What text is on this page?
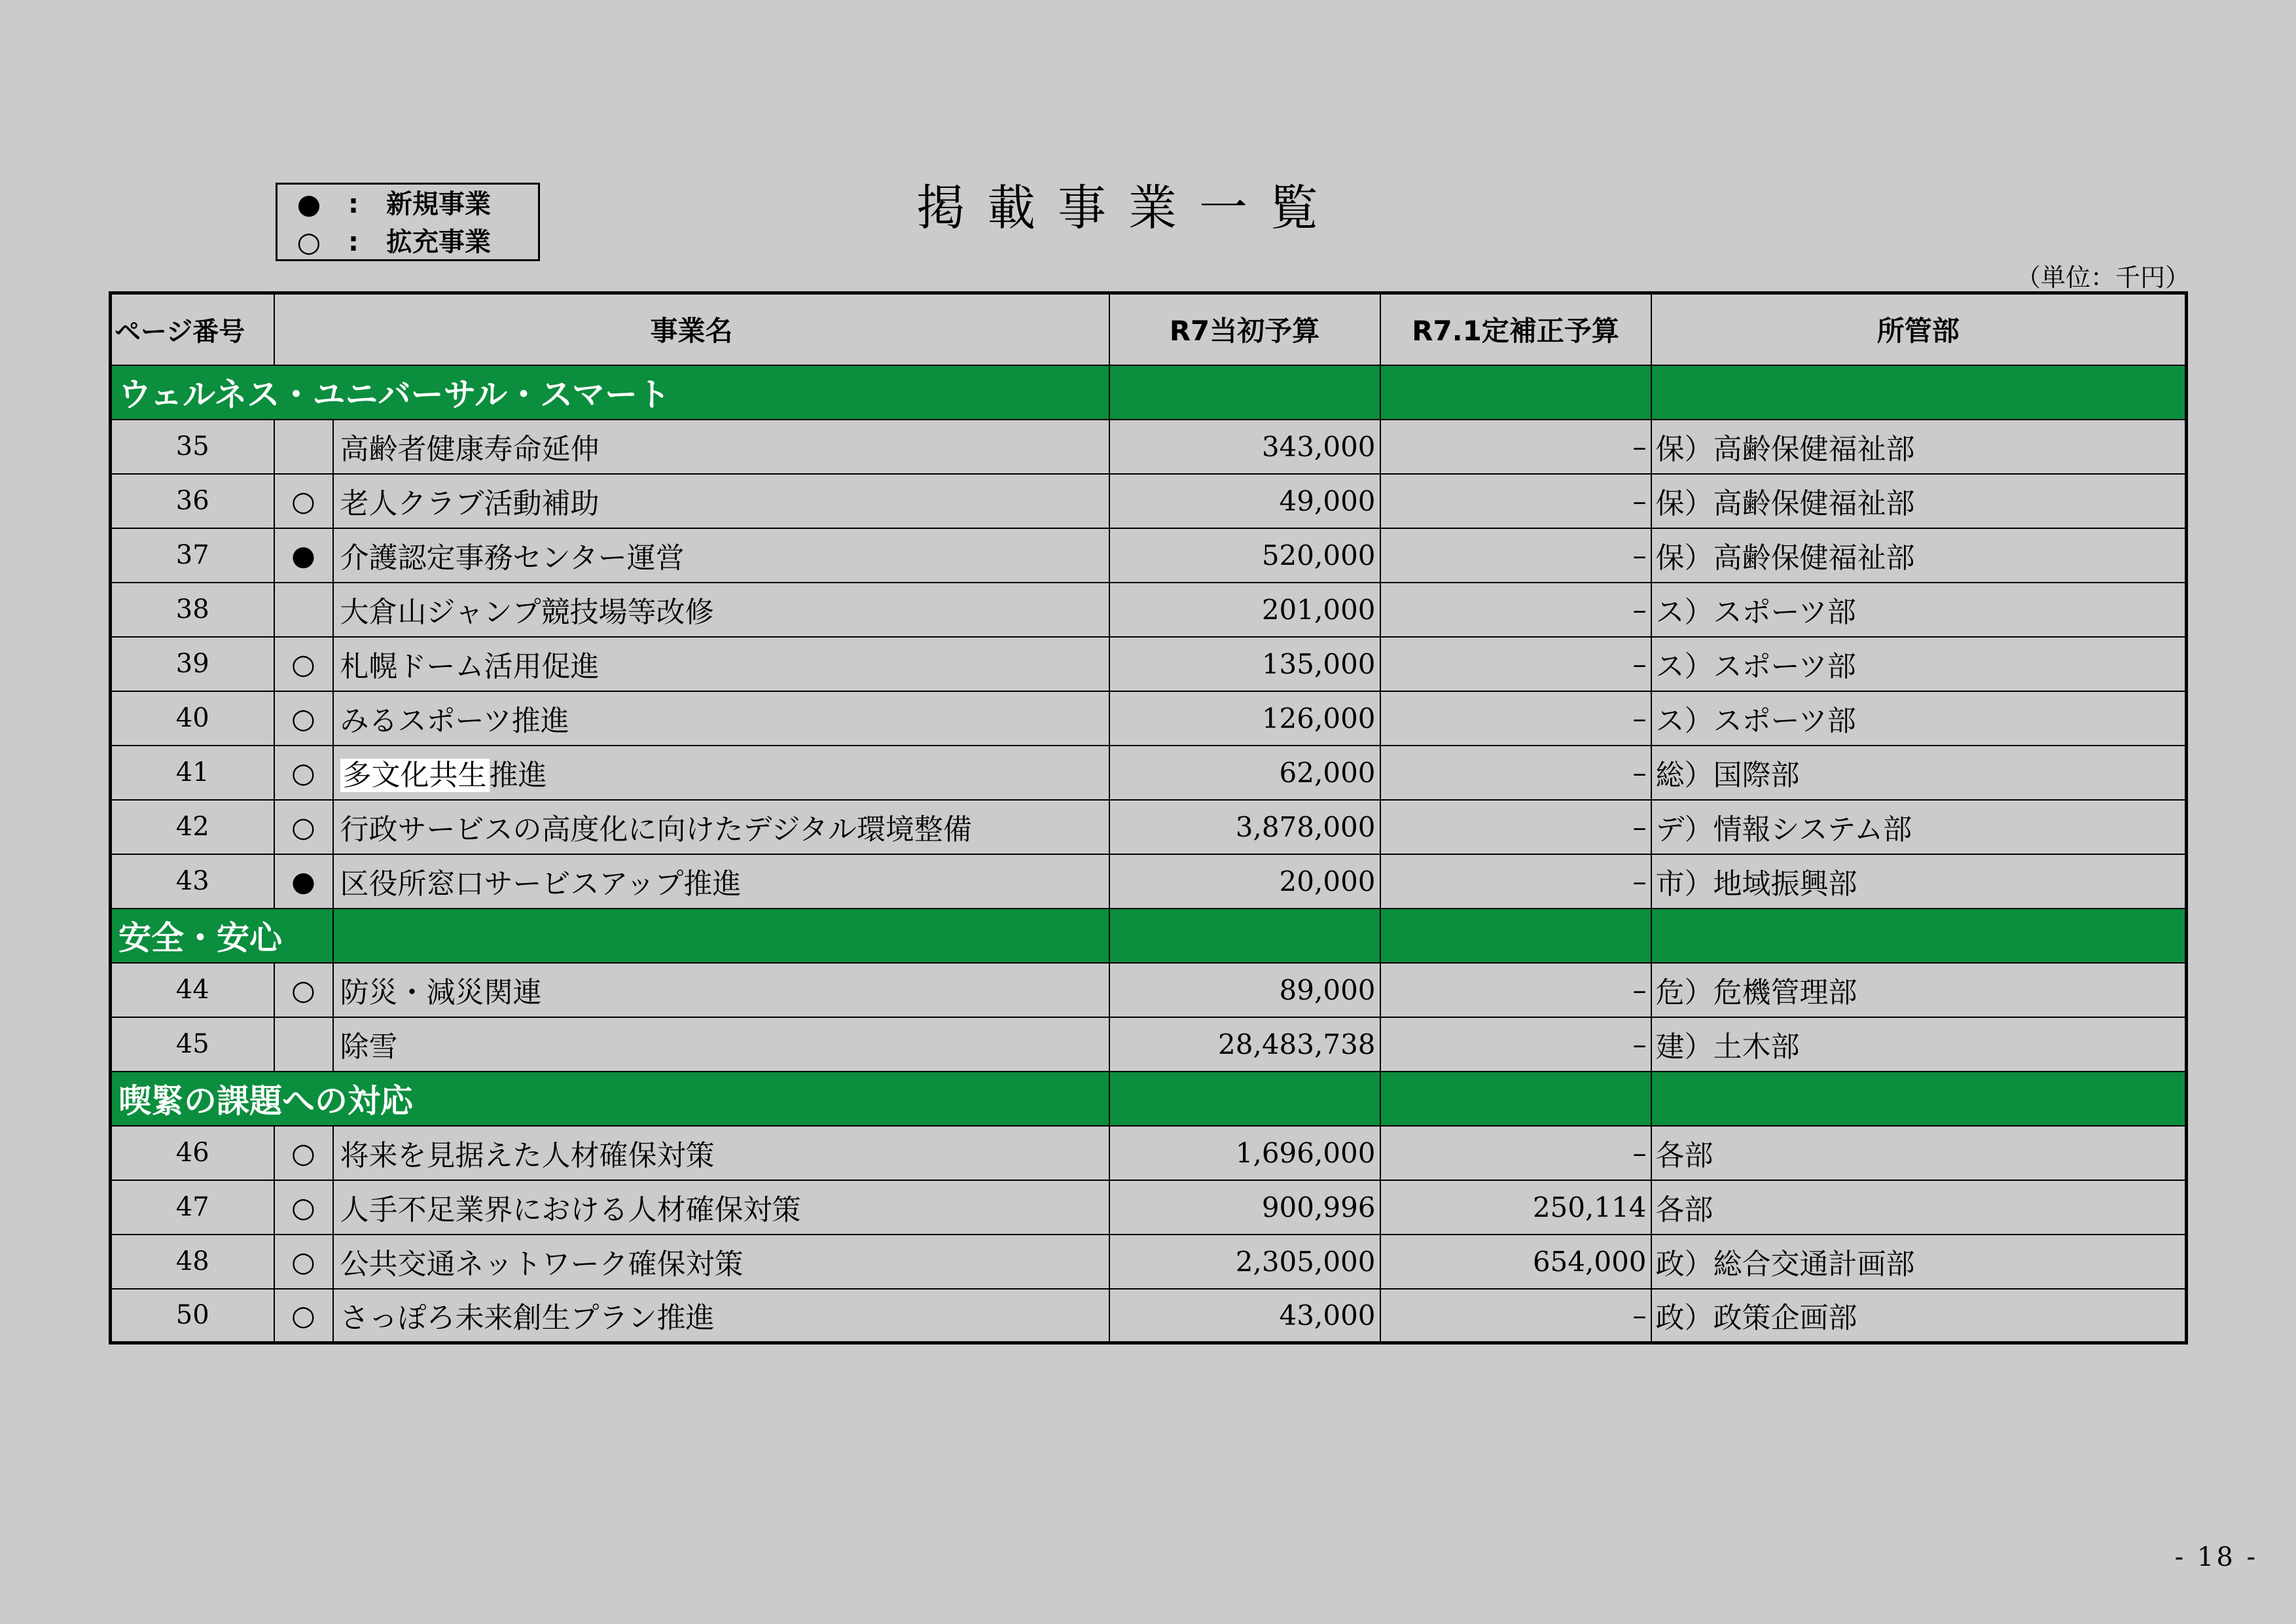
● : 新規事業
○ : 拡充事業
掲載事業一覧
（単位：千円）
ページ番号	事業名		R7当初予算	R7.1定補正予算	所管部
ウェルネス・ユニバーサル・スマート					
35		高齢者健康寿命延伸	343,000	–	保）高齢保健福祉部
36	○	老人クラブ活動補助	49,000	–	保）高齢保健福祉部
37	●	介護認定事務センター運営	520,000	–	保）高齢保健福祉部
38		大倉山ジャンプ競技場等改修	201,000	–	ス）スポーツ部
39	○	札幌ドーム活用促進	135,000	–	ス）スポーツ部
40	○	みるスポーツ推進	126,000	–	ス）スポーツ部
41	○	多文化共生推進	62,000	–	総）国際部
42	○	行政サービスの高度化に向けたデジタル環境整備	3,878,000	–	デ）情報システム部
43	●	区役所窓口サービスアップ推進	20,000	–	市）地域振興部
安全・安心					
44	○	防災・減災関連	89,000	–	危）危機管理部
45		除雪	28,483,738	–	建）土木部
喫緊の課題への対応					
46	○	将来を見据えた人材確保対策	1,696,000	–	各部
47	○	人手不足業界における人材確保対策	900,996	250,114	各部
48	○	公共交通ネットワーク確保対策	2,305,000	654,000	政）総合交通計画部
50	○	さっぽろ未来創生プラン推進	43,000	–	政）政策企画部
- 18 -
